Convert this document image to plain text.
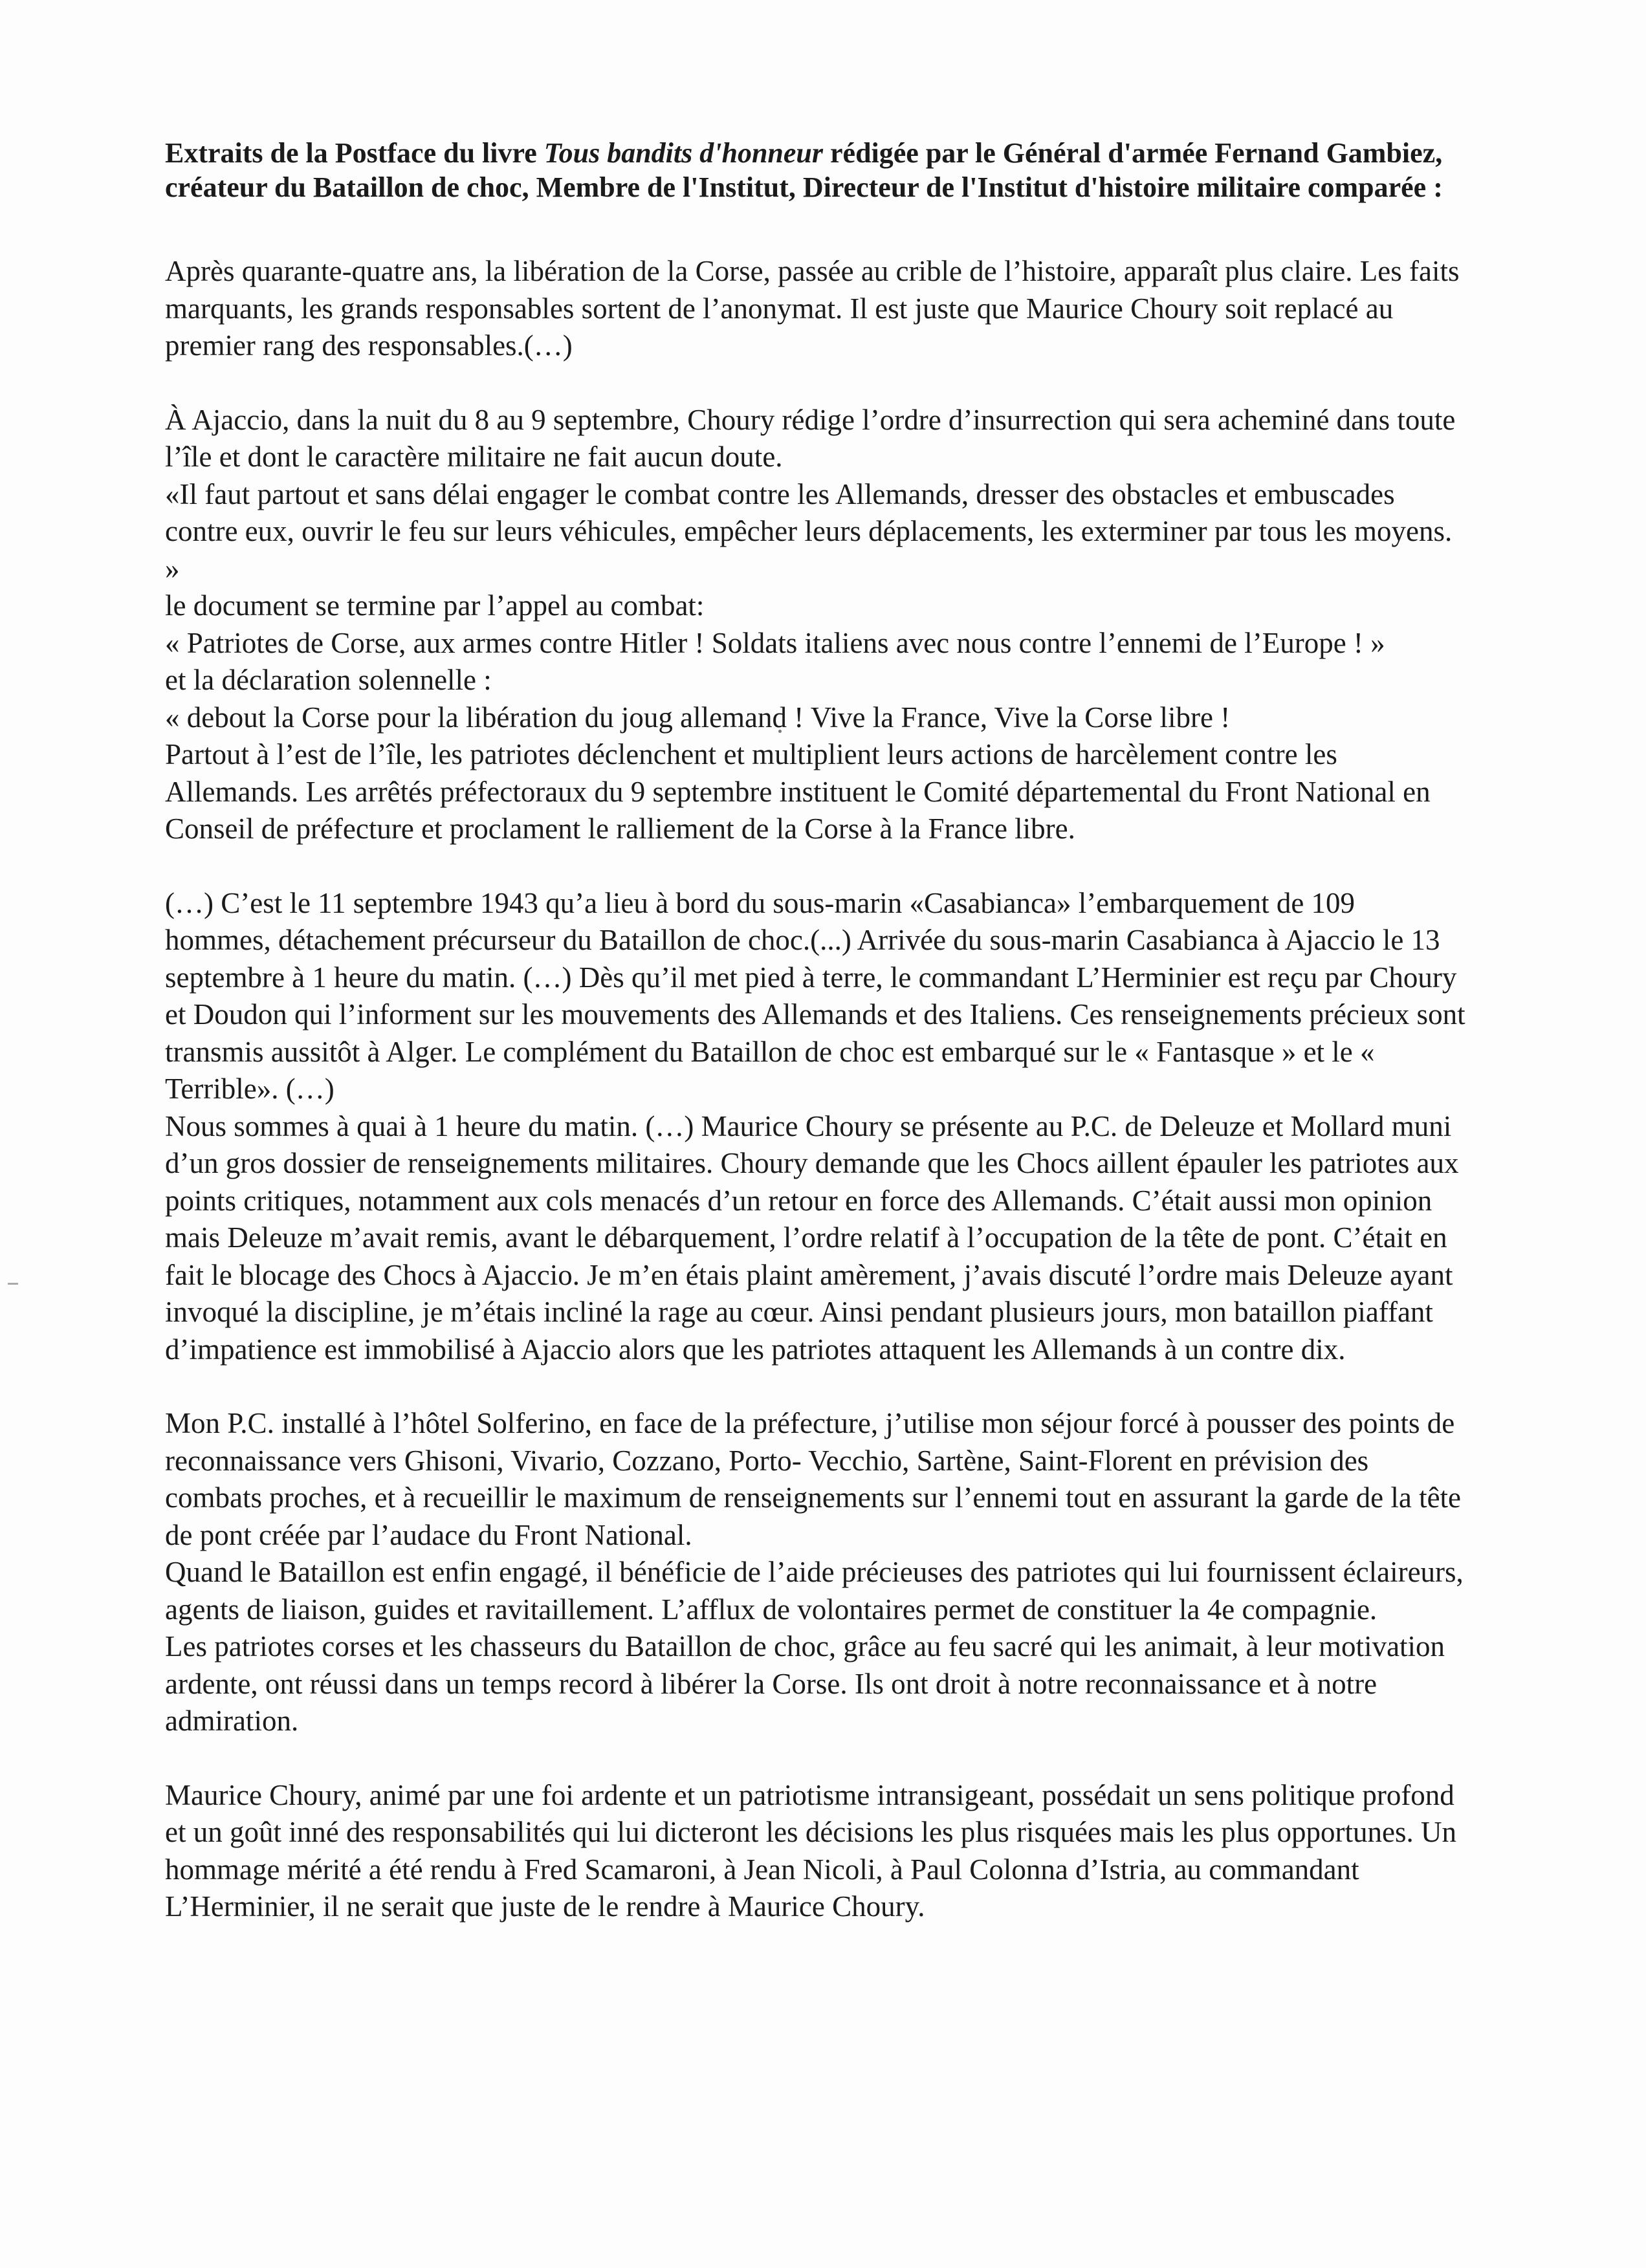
Extraits de la Postface du livre Tous bandits d'honneur rédigée par le Général d'armée Fernand Gambiez, créateur du Bataillon de choc, Membre de l'Institut, Directeur de l'Institut d'histoire militaire comparée :

Après quarante-quatre ans, la libération de la Corse, passée au crible de l’histoire, apparaît plus claire. Les faits marquants, les grands responsables sortent de l’anonymat. Il est juste que Maurice Choury soit replacé au premier rang des responsables.(…)

À Ajaccio, dans la nuit du 8 au 9 septembre, Choury rédige l’ordre d’insurrection qui sera acheminé dans toute l’île et dont le caractère militaire ne fait aucun doute.

«Il faut partout et sans délai engager le combat contre les Allemands, dresser des obstacles et embuscades contre eux, ouvrir le feu sur leurs véhicules, empêcher leurs déplacements, les exterminer par tous les moyens. »

le document se termine par l’appel au combat:

« Patriotes de Corse, aux armes contre Hitler ! Soldats italiens avec nous contre l’ennemi de l’Europe ! »

et la déclaration solennelle :

« debout la Corse pour la libération du joug allemand ! Vive la France, Vive la Corse libre !

Partout à l’est de l’île, les patriotes déclenchent et multiplient leurs actions de harcèlement contre les Allemands. Les arrêtés préfectoraux du 9 septembre instituent le Comité départemental du Front National en Conseil de préfecture et proclament le ralliement de la Corse à la France libre.

(…) C’est le 11 septembre 1943 qu’a lieu à bord du sous-marin «Casabianca» l’embarquement de 109 hommes, détachement précurseur du Bataillon de choc.(...) Arrivée du sous-marin Casabianca à Ajaccio le 13 septembre à 1 heure du matin. (…) Dès qu’il met pied à terre, le commandant L’Herminier est reçu par Choury et Doudon qui l’informent sur les mouvements des Allemands et des Italiens. Ces renseignements précieux sont transmis aussitôt à Alger. Le complément du Bataillon de choc est embarqué sur le « Fantasque » et le « Terrible». (…)

Nous sommes à quai à 1 heure du matin. (…) Maurice Choury se présente au P.C. de Deleuze et Mollard muni d’un gros dossier de renseignements militaires. Choury demande que les Chocs aillent épauler les patriotes aux points critiques, notamment aux cols menacés d’un retour en force des Allemands. C’était aussi mon opinion mais Deleuze m’avait remis, avant le débarquement, l’ordre relatif à l’occupation de la tête de pont. C’était en fait le blocage des Chocs à Ajaccio. Je m’en étais plaint amèrement, j’avais discuté l’ordre mais Deleuze ayant invoqué la discipline, je m’étais incliné la rage au cœur. Ainsi pendant plusieurs jours, mon bataillon piaffant d’impatience est immobilisé à Ajaccio alors que les patriotes attaquent les Allemands à un contre dix.

Mon P.C. installé à l’hôtel Solferino, en face de la préfecture, j’utilise mon séjour forcé à pousser des points de reconnaissance vers Ghisoni, Vivario, Cozzano, Porto- Vecchio, Sartène, Saint-Florent en prévision des combats proches, et à recueillir le maximum de renseignements sur l’ennemi tout en assurant la garde de la tête de pont créée par l’audace du Front National.

Quand le Bataillon est enfin engagé, il bénéficie de l’aide précieuses des patriotes qui lui fournissent éclaireurs, agents de liaison, guides et ravitaillement. L’afflux de volontaires permet de constituer la 4e compagnie.

Les patriotes corses et les chasseurs du Bataillon de choc, grâce au feu sacré qui les animait, à leur motivation ardente, ont réussi dans un temps record à libérer la Corse. Ils ont droit à notre reconnaissance et à notre admiration.

Maurice Choury, animé par une foi ardente et un patriotisme intransigeant, possédait un sens politique profond et un goût inné des responsabilités qui lui dicteront les décisions les plus risquées mais les plus opportunes. Un hommage mérité a été rendu à Fred Scamaroni, à Jean Nicoli, à Paul Colonna d’Istria, au commandant L’Herminier, il ne serait que juste de le rendre à Maurice Choury.
